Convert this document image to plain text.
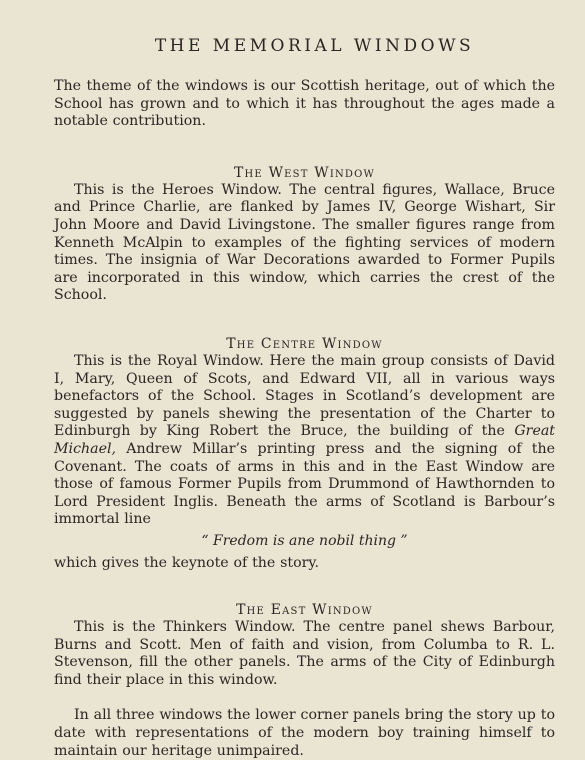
THE MEMORIAL WINDOWS

The theme of the windows is our Scottish heritage, out of which the School has grown and to which it has throughout the ages made a notable contribution.

The West Window

This is the Heroes Window. The central figures, Wallace, Bruce and Prince Charlie, are flanked by James IV, George Wishart, Sir John Moore and David Livingstone. The smaller figures range from Kenneth McAlpin to examples of the fighting services of modern times. The insignia of War Decorations awarded to Former Pupils are incorporated in this window, which carries the crest of the School.

The Centre Window

This is the Royal Window. Here the main group consists of David I, Mary, Queen of Scots, and Edward VII, all in various ways benefactors of the School. Stages in Scotland’s development are suggested by panels shewing the presentation of the Charter to Edinburgh by King Robert the Bruce, the building of the Great Michael, Andrew Millar’s printing press and the signing of the Covenant. The coats of arms in this and in the East Window are those of famous Former Pupils from Drummond of Hawthornden to Lord President Inglis. Beneath the arms of Scotland is Barbour’s immortal line

“ Fredom is ane nobil thing ”

which gives the keynote of the story.

The East Window

This is the Thinkers Window. The centre panel shews Barbour, Burns and Scott. Men of faith and vision, from Columba to R. L. Stevenson, fill the other panels. The arms of the City of Edinburgh find their place in this window.

In all three windows the lower corner panels bring the story up to date with representations of the modern boy training himself to maintain our heritage unimpaired.
